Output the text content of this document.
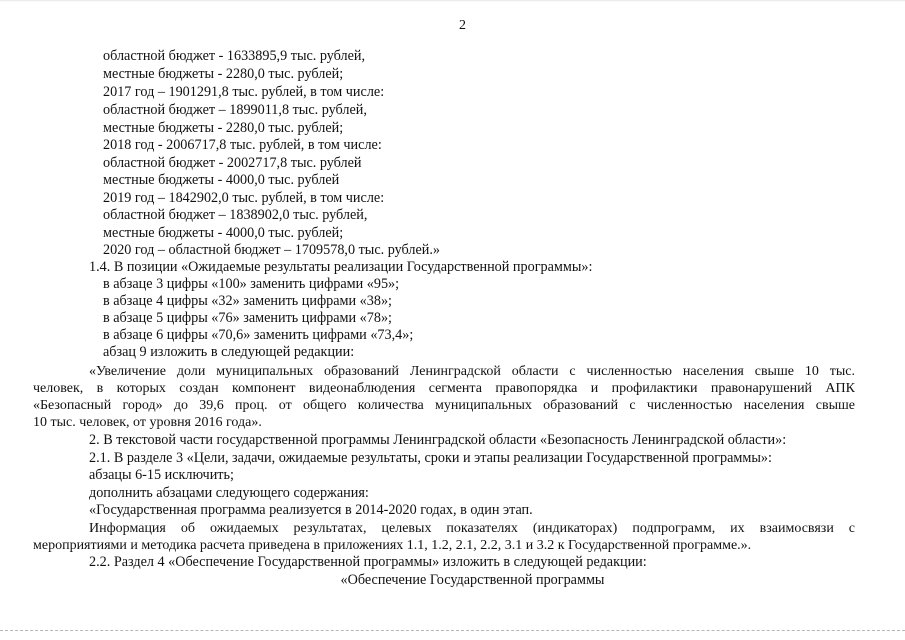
2
областной бюджет - 1633895,9 тыс. рублей,
местные бюджеты - 2280,0 тыс. рублей;
2017 год – 1901291,8 тыс. рублей, в том числе:
областной бюджет – 1899011,8 тыс. рублей,
местные бюджеты - 2280,0 тыс. рублей;
2018 год - 2006717,8 тыс. рублей, в том числе:
областной бюджет - 2002717,8 тыс. рублей
местные бюджеты - 4000,0 тыс. рублей
2019 год – 1842902,0 тыс. рублей, в том числе:
областной бюджет – 1838902,0 тыс. рублей,
местные бюджеты - 4000,0 тыс. рублей;
2020 год – областной бюджет – 1709578,0 тыс. рублей.»
1.4. В позиции «Ожидаемые результаты реализации Государственной программы»:
в абзаце 3 цифры «100» заменить цифрами «95»;
в абзаце 4 цифры «32» заменить цифрами «38»;
в абзаце 5 цифры «76» заменить цифрами «78»;
в абзаце 6 цифры «70,6» заменить цифрами «73,4»;
абзац 9 изложить в следующей редакции:
«Увеличение доли муниципальных образований Ленинградской области с численностью населения свыше 10 тыс.
человек, в которых создан компонент видеонаблюдения сегмента правопорядка и профилактики правонарушений АПК
«Безопасный город» до 39,6 проц. от общего количества муниципальных образований с численностью населения свыше
10 тыс. человек, от уровня 2016 года».
2. В текстовой части государственной программы Ленинградской области «Безопасность Ленинградской области»:
2.1. В разделе 3 «Цели, задачи, ожидаемые результаты, сроки и этапы реализации Государственной программы»:
абзацы 6-15 исключить;
дополнить абзацами следующего содержания:
«Государственная программа реализуется в 2014-2020 годах, в один этап.
Информация об ожидаемых результатах, целевых показателях (индикаторах) подпрограмм, их взаимосвязи с
мероприятиями и методика расчета приведена в приложениях 1.1, 1.2, 2.1, 2.2, 3.1 и 3.2 к Государственной программе.».
2.2. Раздел 4 «Обеспечение Государственной программы» изложить в следующей редакции:
«Обеспечение Государственной программы
